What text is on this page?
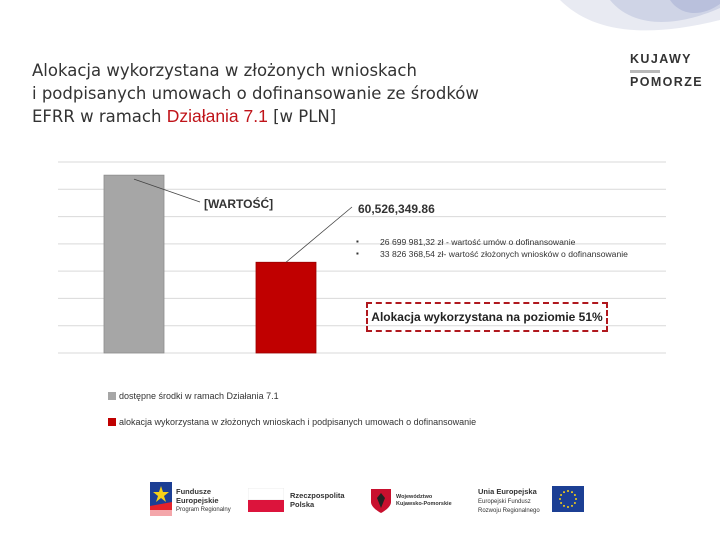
KUJAWY
POMORZE
Alokacja wykorzystana w złożonych wnioskach
i podpisanych umowach o dofinansowanie ze środków
EFRR w ramach Działania 7.1 [w PLN]
[WARTOŚĆ]	60,526,349.86
▪ 26 699 981,32 zł - wartość umów o dofinansowanie
▪ 33 826 368,54 zł- wartość złożonych wniosków o dofinansowanie
Alokacja wykorzystana na poziomie 51%
dostępne środki w ramach Działania 7.1
alokacja wykorzystana w złożonych wnioskach i podpisanych umowach o dofinansowanie
Fundusze
Europejskie
Program Regionalny
Rzeczpospolita
Polska
Województwo
Kujawsko-Pomorskie
Unia Europejska
Europejski Fundusz
Rozwoju Regionalnego
